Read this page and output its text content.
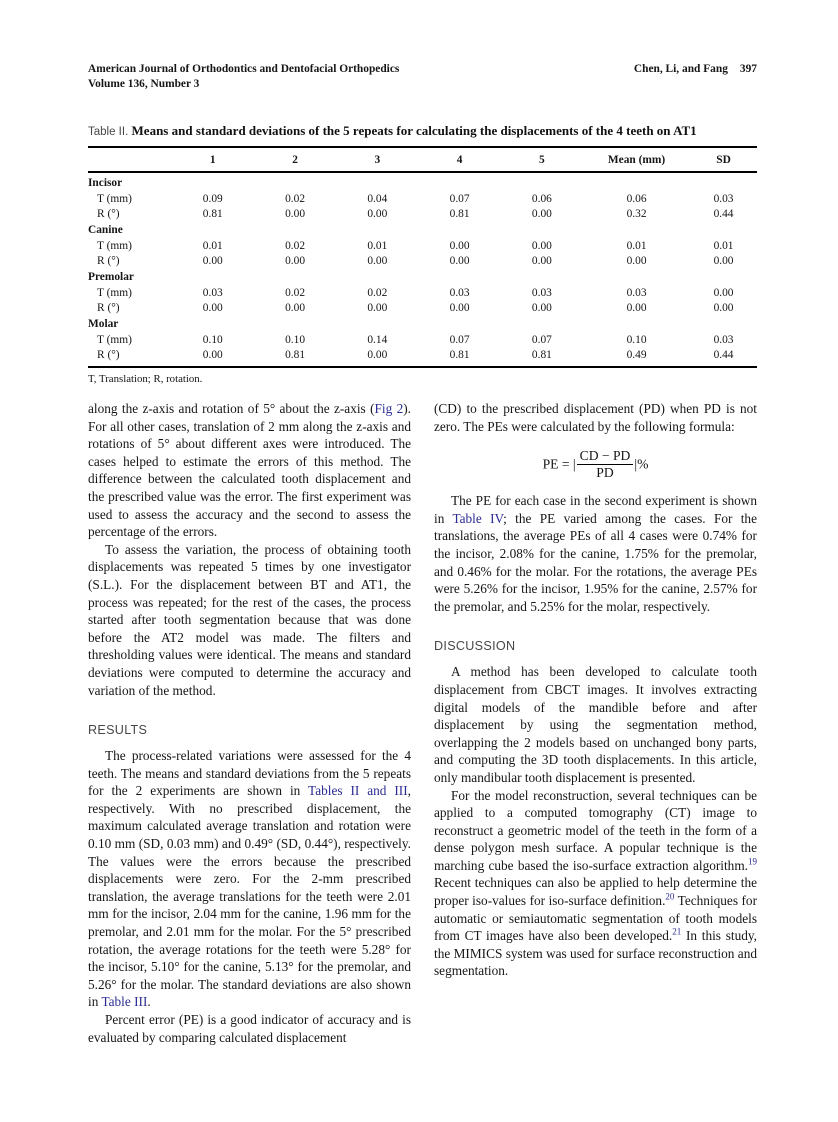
American Journal of Orthodontics and Dentofacial Orthopedics
Volume 136, Number 3
Chen, Li, and Fang 397
Table II. Means and standard deviations of the 5 repeats for calculating the displacements of the 4 teeth on AT1
	1	2	3	4	5	Mean (mm)	SD
Incisor							
T (mm)	0.09	0.02	0.04	0.07	0.06	0.06	0.03
R (°)	0.81	0.00	0.00	0.81	0.00	0.32	0.44
Canine							
T (mm)	0.01	0.02	0.01	0.00	0.00	0.01	0.01
R (°)	0.00	0.00	0.00	0.00	0.00	0.00	0.00
Premolar							
T (mm)	0.03	0.02	0.02	0.03	0.03	0.03	0.00
R (°)	0.00	0.00	0.00	0.00	0.00	0.00	0.00
Molar							
T (mm)	0.10	0.10	0.14	0.07	0.07	0.10	0.03
R (°)	0.00	0.81	0.00	0.81	0.81	0.49	0.44
T, Translation; R, rotation.

along the z-axis and rotation of 5° about the z-axis (Fig 2). For all other cases, translation of 2 mm along the z-axis and rotations of 5° about different axes were introduced. The cases helped to estimate the errors of this method. The difference between the calculated tooth displacement and the prescribed value was the error. The first experiment was used to assess the accuracy and the second to assess the percentage of the errors.

To assess the variation, the process of obtaining tooth displacements was repeated 5 times by one investigator (S.L.). For the displacement between BT and AT1, the process was repeated; for the rest of the cases, the process started after tooth segmentation because that was done before the AT2 model was made. The filters and thresholding values were identical. The means and standard deviations were computed to determine the accuracy and variation of the method.

RESULTS

The process-related variations were assessed for the 4 teeth. The means and standard deviations from the 5 repeats for the 2 experiments are shown in Tables II and III, respectively. With no prescribed displacement, the maximum calculated average translation and rotation were 0.10 mm (SD, 0.03 mm) and 0.49° (SD, 0.44°), respectively. The values were the errors because the prescribed displacements were zero. For the 2-mm prescribed translation, the average translations for the teeth were 2.01 mm for the incisor, 2.04 mm for the canine, 1.96 mm for the premolar, and 2.01 mm for the molar. For the 5° prescribed rotation, the average rotations for the teeth were 5.28° for the incisor, 5.10° for the canine, 5.13° for the premolar, and 5.26° for the molar. The standard deviations are also shown in Table III.

Percent error (PE) is a good indicator of accuracy and is evaluated by comparing calculated displacement

(CD) to the prescribed displacement (PD) when PD is not zero. The PEs were calculated by the following formula:

PE = | $\frac{CD - PD}{PD}$ |%

The PE for each case in the second experiment is shown in Table IV; the PE varied among the cases. For the translations, the average PEs of all 4 cases were 0.74% for the incisor, 2.08% for the canine, 1.75% for the premolar, and 0.46% for the molar. For the rotations, the average PEs were 5.26% for the incisor, 1.95% for the canine, 2.57% for the premolar, and 5.25% for the molar, respectively.

DISCUSSION

A method has been developed to calculate tooth displacement from CBCT images. It involves extracting digital models of the mandible before and after displacement by using the segmentation method, overlapping the 2 models based on unchanged bony parts, and computing the 3D tooth displacements. In this article, only mandibular tooth displacement is presented.

For the model reconstruction, several techniques can be applied to a computed tomography (CT) image to reconstruct a geometric model of the teeth in the form of a dense polygon mesh surface. A popular technique is the marching cube based the iso-surface extraction algorithm.$^{19}$ Recent techniques can also be applied to help determine the proper iso-values for iso-surface definition.$^{20}$ Techniques for automatic or semiautomatic segmentation of tooth models from CT images have also been developed.$^{21}$ In this study, the MIMICS system was used for surface reconstruction and segmentation.
